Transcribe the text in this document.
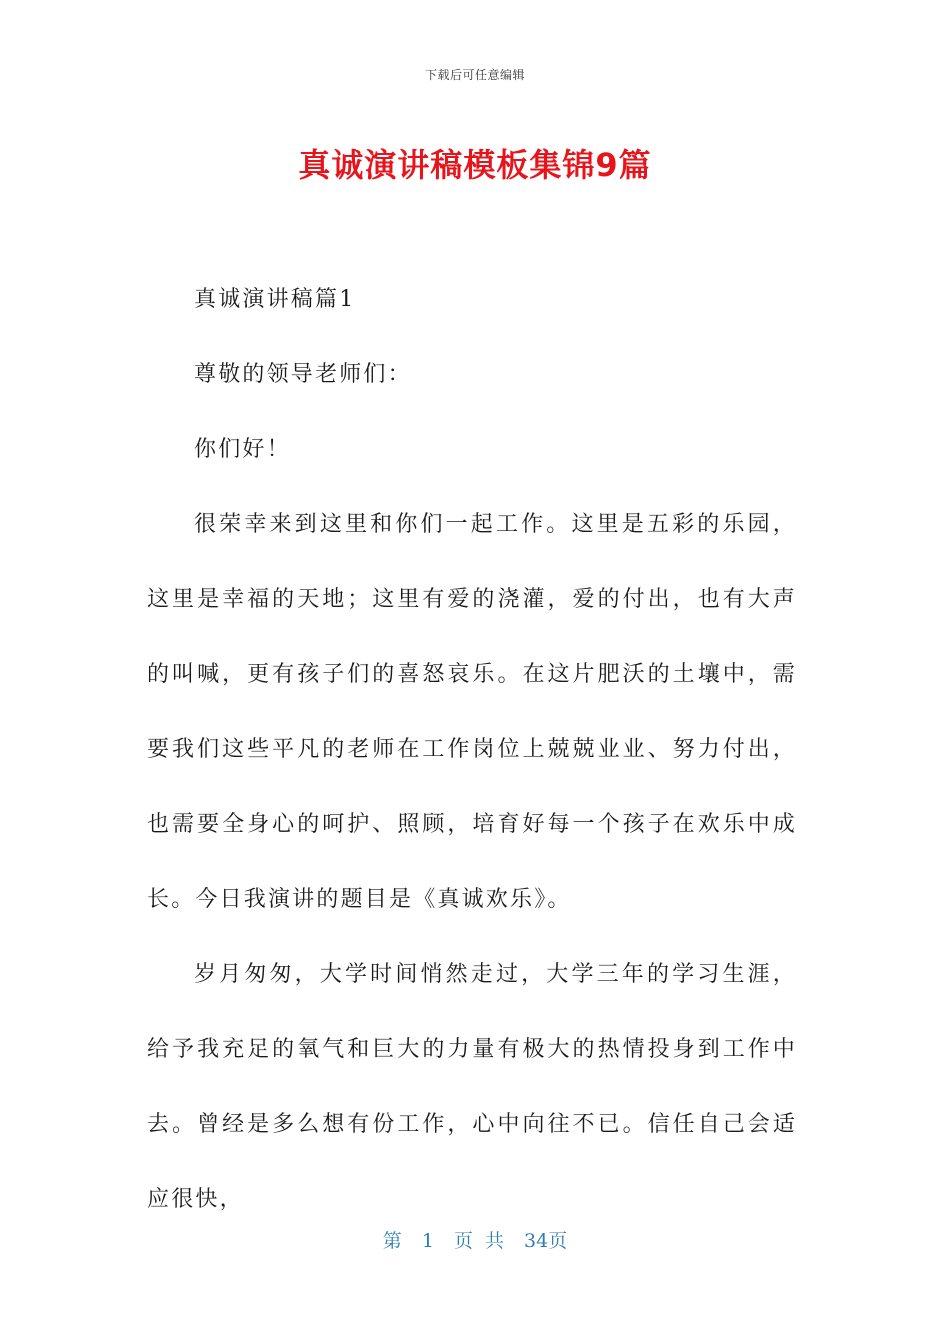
下载后可任意编辑
真诚演讲稿模板集锦9篇

真诚演讲稿篇1

尊敬的领导老师们：

你们好！

很荣幸来到这里和你们一起工作。这里是五彩的乐园，这里是幸福的天地；这里有爱的浇灌，爱的付出，也有大声的叫喊，更有孩子们的喜怒哀乐。在这片肥沃的土壤中，需要我们这些平凡的老师在工作岗位上兢兢业业、努力付出，也需要全身心的呵护、照顾，培育好每一个孩子在欢乐中成长。今日我演讲的题目是《真诚欢乐》。

岁月匆匆，大学时间悄然走过，大学三年的学习生涯，给予我充足的氧气和巨大的力量有极大的热情投身到工作中去。曾经是多么想有份工作，心中向往不已。信任自己会适应很快，

第 1 页 共 34页
